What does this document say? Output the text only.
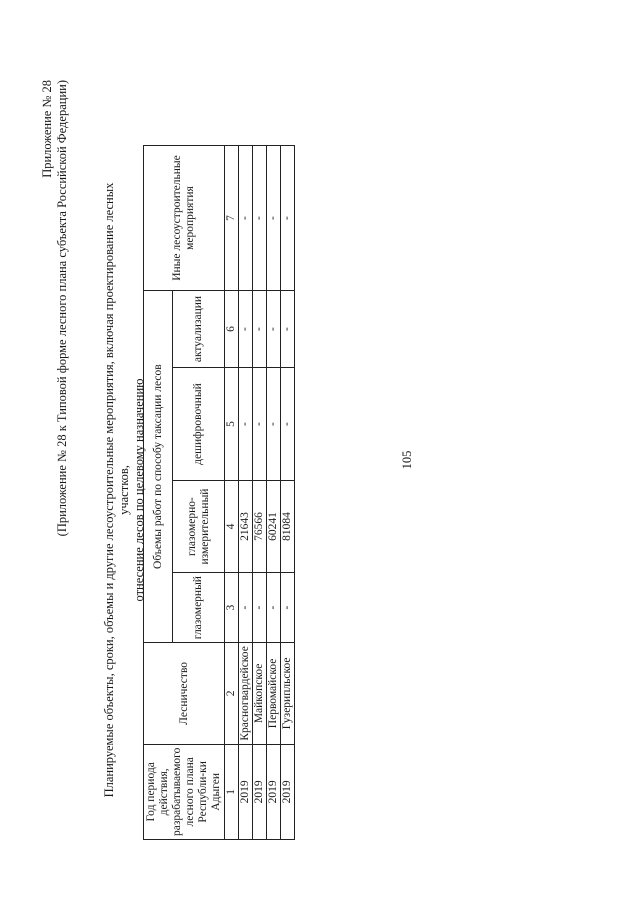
Приложение № 28 (Приложение № 28 к Типовой форме лесного плана субъекта Российской Федерации)	Планируемые объекты, сроки, объемы и другие лесоустроительные мероприятия, включая проектирование лесных участков, отнесение лесов по целевому назначению
Год периода действия, разрабатываемого лесного плана Республи-ки Адыгеи	Лесничество	Объемы работ по способу таксации лесов				Иные лесоустроительные мероприятия
		глазомерный	глазомерно-измерительный	дешифровочный	актуализации	
1	2	3	4	5	6	7
2019	Красногвардейское	-	21643	-	-	-
2019	Майкопское	-	76566	-	-	-
2019	Первомайское	-	60241	-	-	-
2019	Гузерипльское	-	81084	-	-	-
105
